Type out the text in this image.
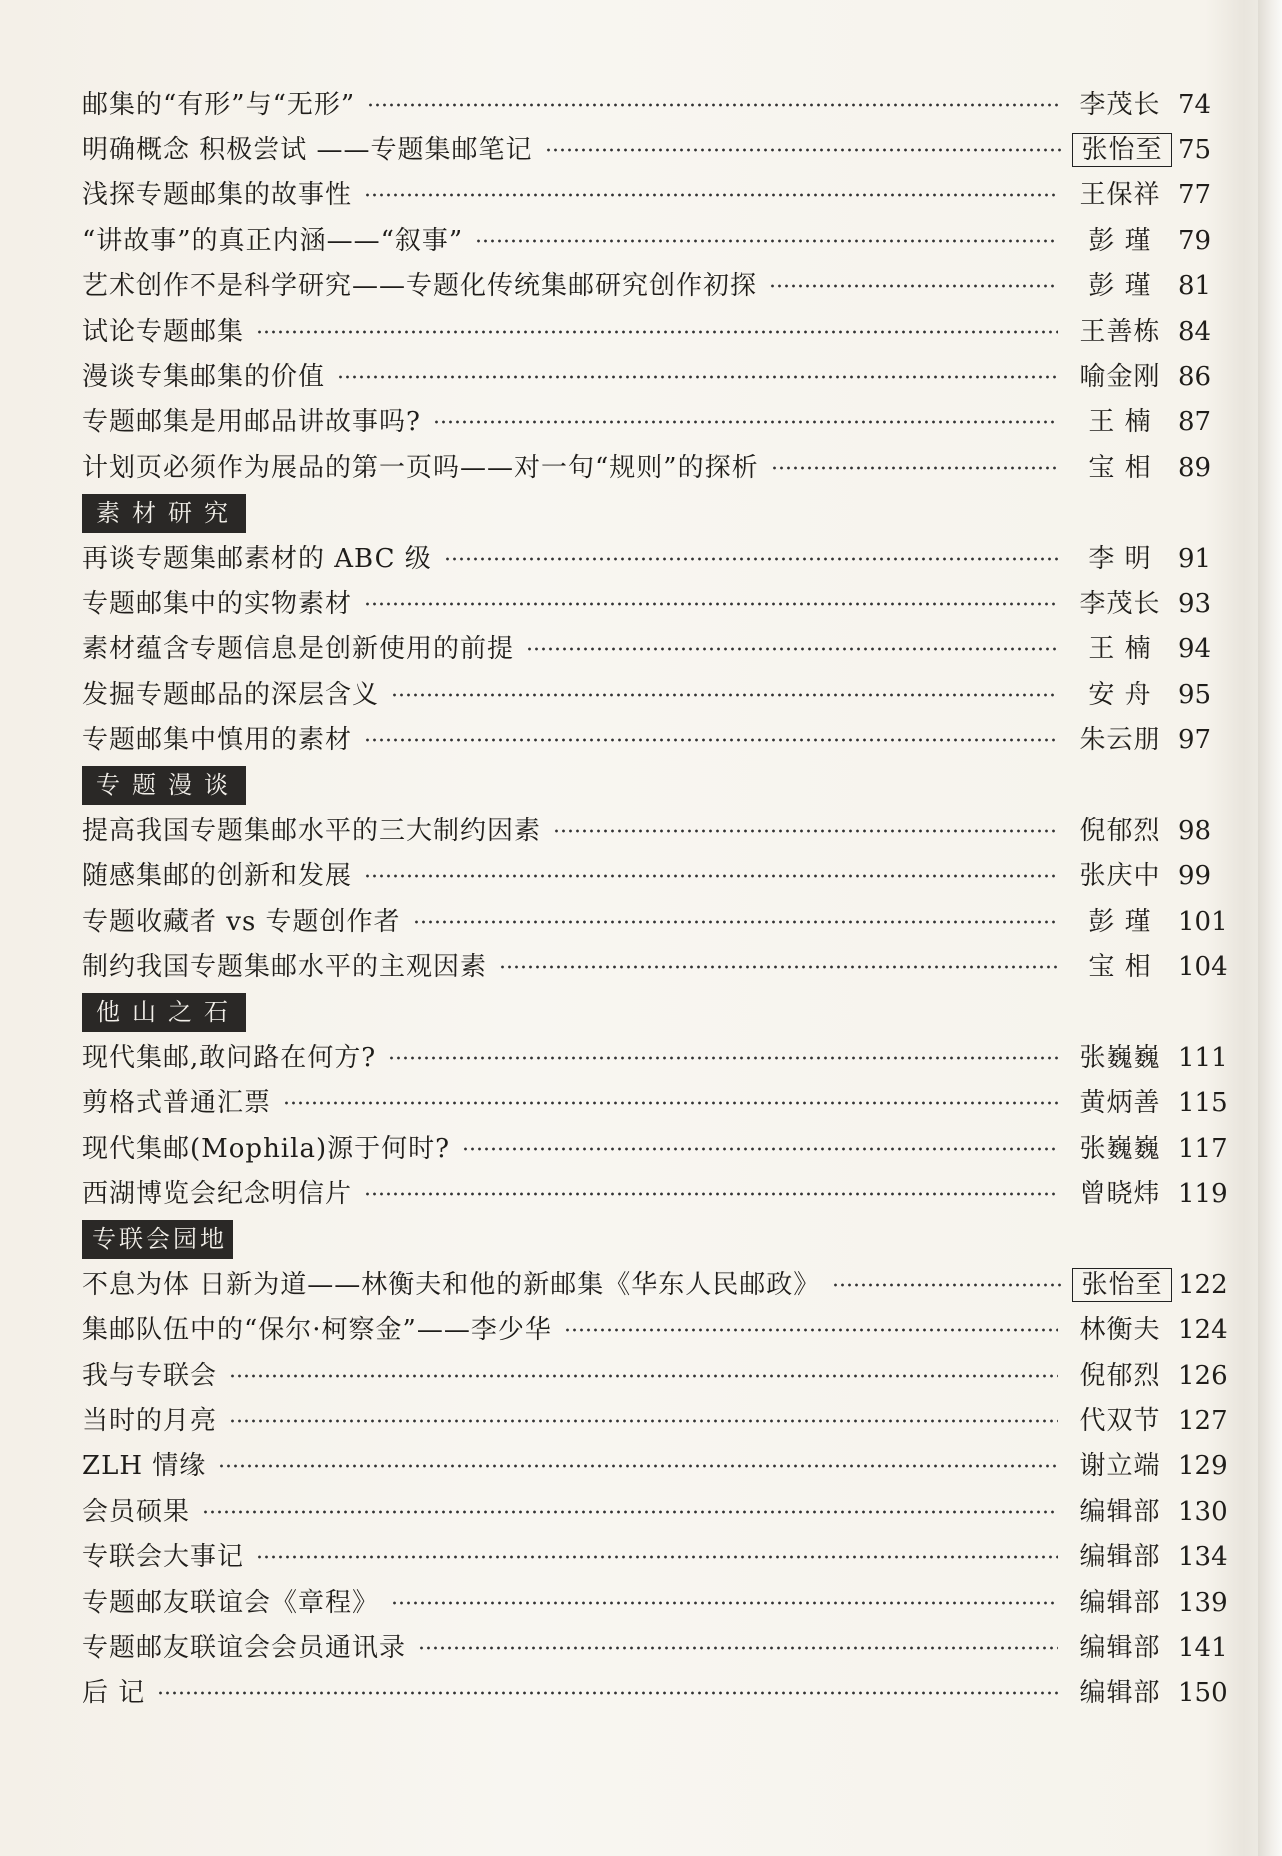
邮集的“有形”与“无形”	李茂长 74
明确概念 积极尝试 ——专题集邮笔记	张怡至 75
浅探专题邮集的故事性	王保祥 77
“讲故事”的真正内涵——“叙事”	彭 瑾	79
艺术创作不是科学研究——专题化传统集邮研究创作初探	彭 瑾	81
试论专题邮集	王善栋 84
漫谈专集邮集的价值	喻金刚 86
专题邮集是用邮品讲故事吗?	王 楠	87
计划页必须作为展品的第一页吗——对一句“规则”的探析	宝 相	89
素材研究
再谈专题集邮素材的 ABC 级	李 明	91
专题邮集中的实物素材	李茂长 93
素材蕴含专题信息是创新使用的前提	王 楠	94
发掘专题邮品的深层含义	安 舟	95
专题邮集中慎用的素材	朱云朋 97
专题漫谈
提高我国专题集邮水平的三大制约因素	倪郁烈 98
随感集邮的创新和发展	张庆中 99
专题收藏者 vs 专题创作者	彭 瑾	101
制约我国专题集邮水平的主观因素	宝 相	104
他山之石
现代集邮,敢问路在何方?	张巍巍 111
剪格式普通汇票	黄炳善 115
现代集邮(Mophila)源于何时?	张巍巍 117
西湖博览会纪念明信片	曾晓炜 119
专联会园地
不息为体 日新为道——林衡夫和他的新邮集《华东人民邮政》	张怡至 122
集邮队伍中的“保尔·柯察金”——李少华	林衡夫 124
我与专联会	倪郁烈 126
当时的月亮	代双节 127
ZLH 情缘	谢立端 129
会员硕果	编辑部 130
专联会大事记	编辑部 134
专题邮友联谊会《章程》	编辑部 139
专题邮友联谊会会员通讯录	编辑部 141
后 记	编辑部 150
